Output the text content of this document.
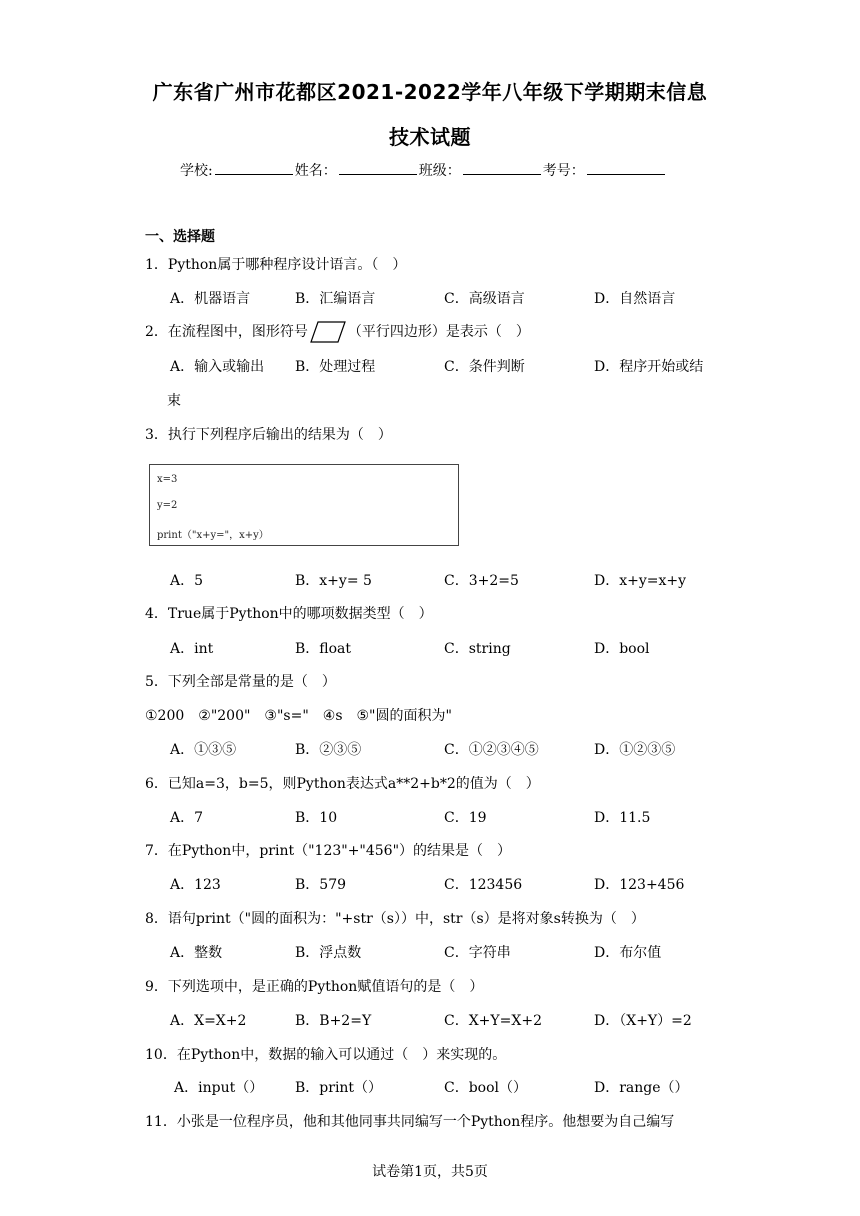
广东省广州市花都区2021-2022学年八年级下学期期末信息
技术试题
学校:	姓名：	班级：	考号：
一、选择题
1．Python属于哪种程序设计语言。（　）
A．机器语言	B．汇编语言	C．高级语言	D．自然语言
2．在流程图中，图形符号	（平行四边形）是表示（　）
A．输入或输出 B．处理过程	C．条件判断	D．程序开始或结
束
3．执行下列程序后输出的结果为（　）
x=3
y=2
print（"x+y="，x+y）
A．5	B．x+y= 5	C．3+2=5	D．x+y=x+y
4．True属于Python中的哪项数据类型（　）
A．int	B．float	C．string	D．bool
5．下列全部是常量的是（　）
①200　②"200"　③"s="　④s　⑤"圆的面积为"
A．①③⑤	B．②③⑤	C．①②③④⑤	D．①②③⑤
6．已知a=3，b=5，则Python表达式a**2+b*2的值为（　）
A．7	B．10	C．19	D．11.5
7．在Python中，print（"123"+"456"）的结果是（　）
A．123	B．579	C．123456	D．123+456
8．语句print（"圆的面积为："+str（s））中，str（s）是将对象s转换为（　）
A．整数	B．浮点数	C．字符串	D．布尔值
9．下列选项中，是正确的Python赋值语句的是（　）
A．X=X+2	B．B+2=Y	C．X+Y=X+2	D．（X+Y）=2
10．在Python中，数据的输入可以通过（　）来实现的。
A．input（） B．print（）	C．bool（）	D．range（）
11．小张是一位程序员，他和其他同事共同编写一个Python程序。他想要为自己编写
试卷第1页，共5页
